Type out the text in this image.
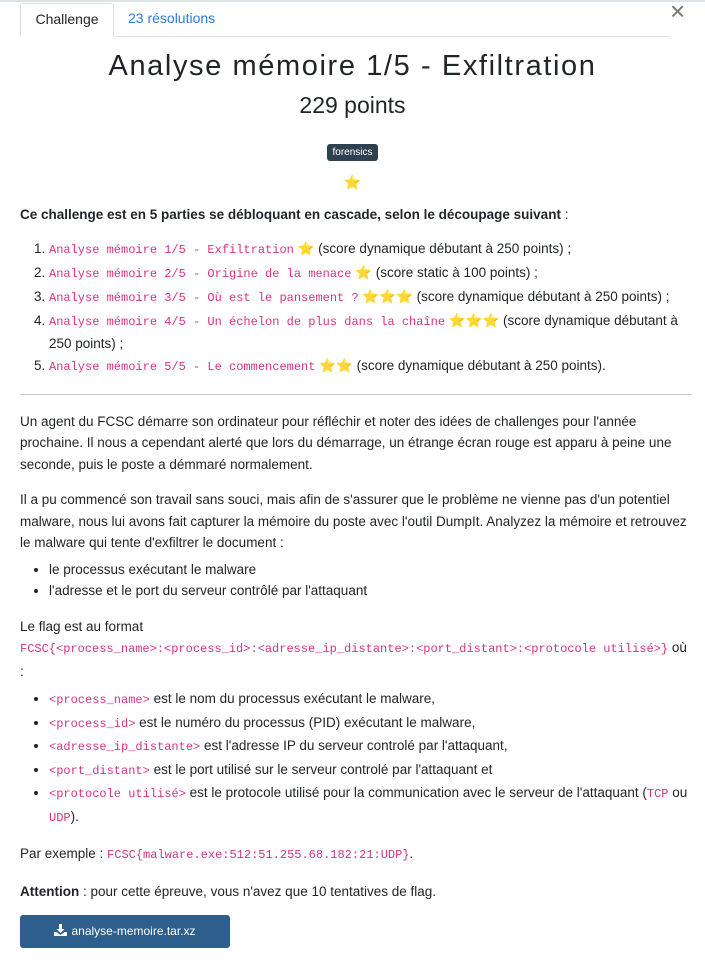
Challenge	23 résolutions	×
Analyse mémoire 1/5 - Exfiltration
229 points
forensics
⭐

Ce challenge est en 5 parties se débloquant en cascade, selon le découpage suivant :

1. Analyse mémoire 1/5 - Exfiltration ⭐ (score dynamique débutant à 250 points) ;
2. Analyse mémoire 2/5 - Origine de la menace ⭐ (score static à 100 points) ;
3. Analyse mémoire 3/5 - Où est le pansement ? ⭐⭐⭐ (score dynamique débutant à 250 points) ;
4. Analyse mémoire 4/5 - Un échelon de plus dans la chaîne ⭐⭐⭐ (score dynamique débutant à 250 points) ;
5. Analyse mémoire 5/5 - Le commencement ⭐⭐ (score dynamique débutant à 250 points).

Un agent du FCSC démarre son ordinateur pour réfléchir et noter des idées de challenges pour l'année prochaine. Il nous a cependant alerté que lors du démarrage, un étrange écran rouge est apparu à peine une seconde, puis le poste a démmaré normalement.

Il a pu commencé son travail sans souci, mais afin de s'assurer que le problème ne vienne pas d'un potentiel malware, nous lui avons fait capturer la mémoire du poste avec l'outil DumpIt. Analyzez la mémoire et retrouvez le malware qui tente d'exfiltrer le document :

• le processus exécutant le malware
• l'adresse et le port du serveur contrôlé par l'attaquant

Le flag est au format
FCSC{<process_name>:<process_id>:<adresse_ip_distante>:<port_distant>:<protocole utilisé>} où :

• <process_name> est le nom du processus exécutant le malware,
• <process_id> est le numéro du processus (PID) exécutant le malware,
• <adresse_ip_distante> est l'adresse IP du serveur controlé par l'attaquant,
• <port_distant> est le port utilisé sur le serveur controlé par l'attaquant et
• <protocole utilisé> est le protocole utilisé pour la communication avec le serveur de l'attaquant (TCP ou UDP).

Par exemple : FCSC{malware.exe:512:51.255.68.182:21:UDP}.

Attention : pour cette épreuve, vous n'avez que 10 tentatives de flag.

analyse-memoire.tar.xz
